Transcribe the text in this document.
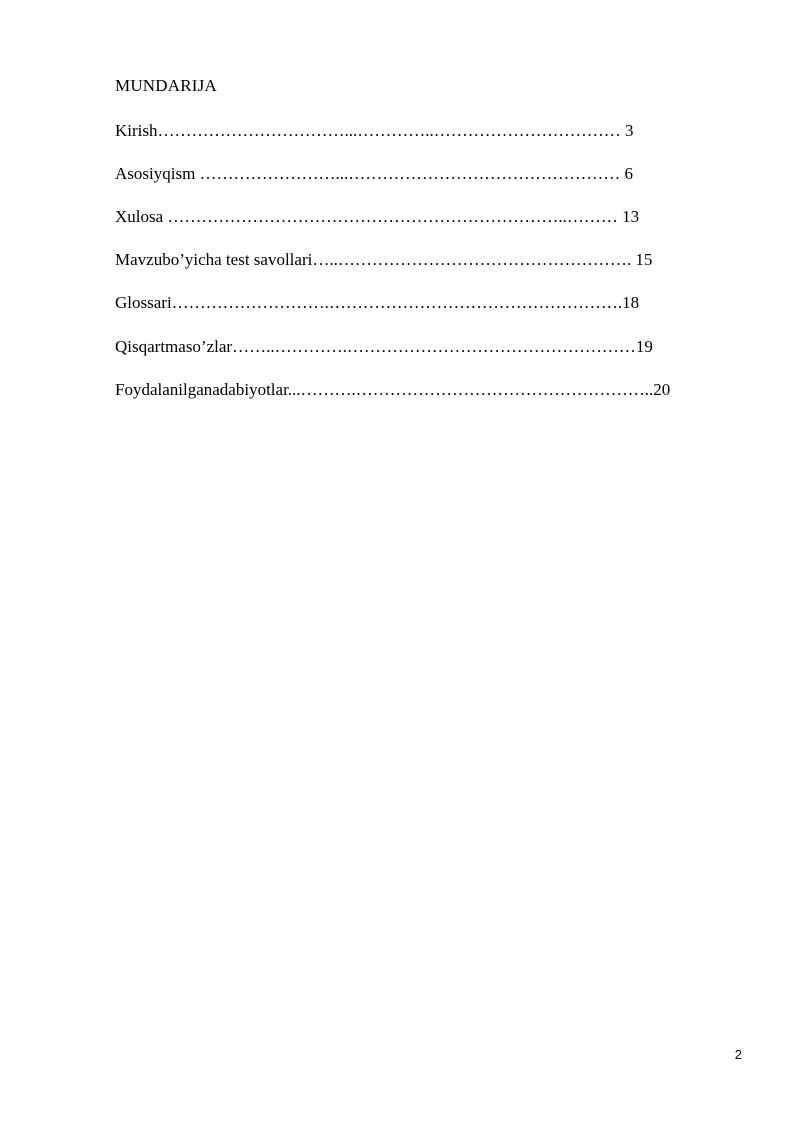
MUNDARIJA
Kirish……………………………...…………..…………………………… 3
Asosiyqism ……………………...………………………………………… 6
Xulosa ……………………………………………………………..……… 13
Mavzubo’yicha test savollari…..……………………………………………. 15
Glossari……………………….…………………………………………….18
Qisqartmaso’zlar……..………….……………………………………………19
Foydalanilganadabiyotlar...……….……………………………………………..20
2
